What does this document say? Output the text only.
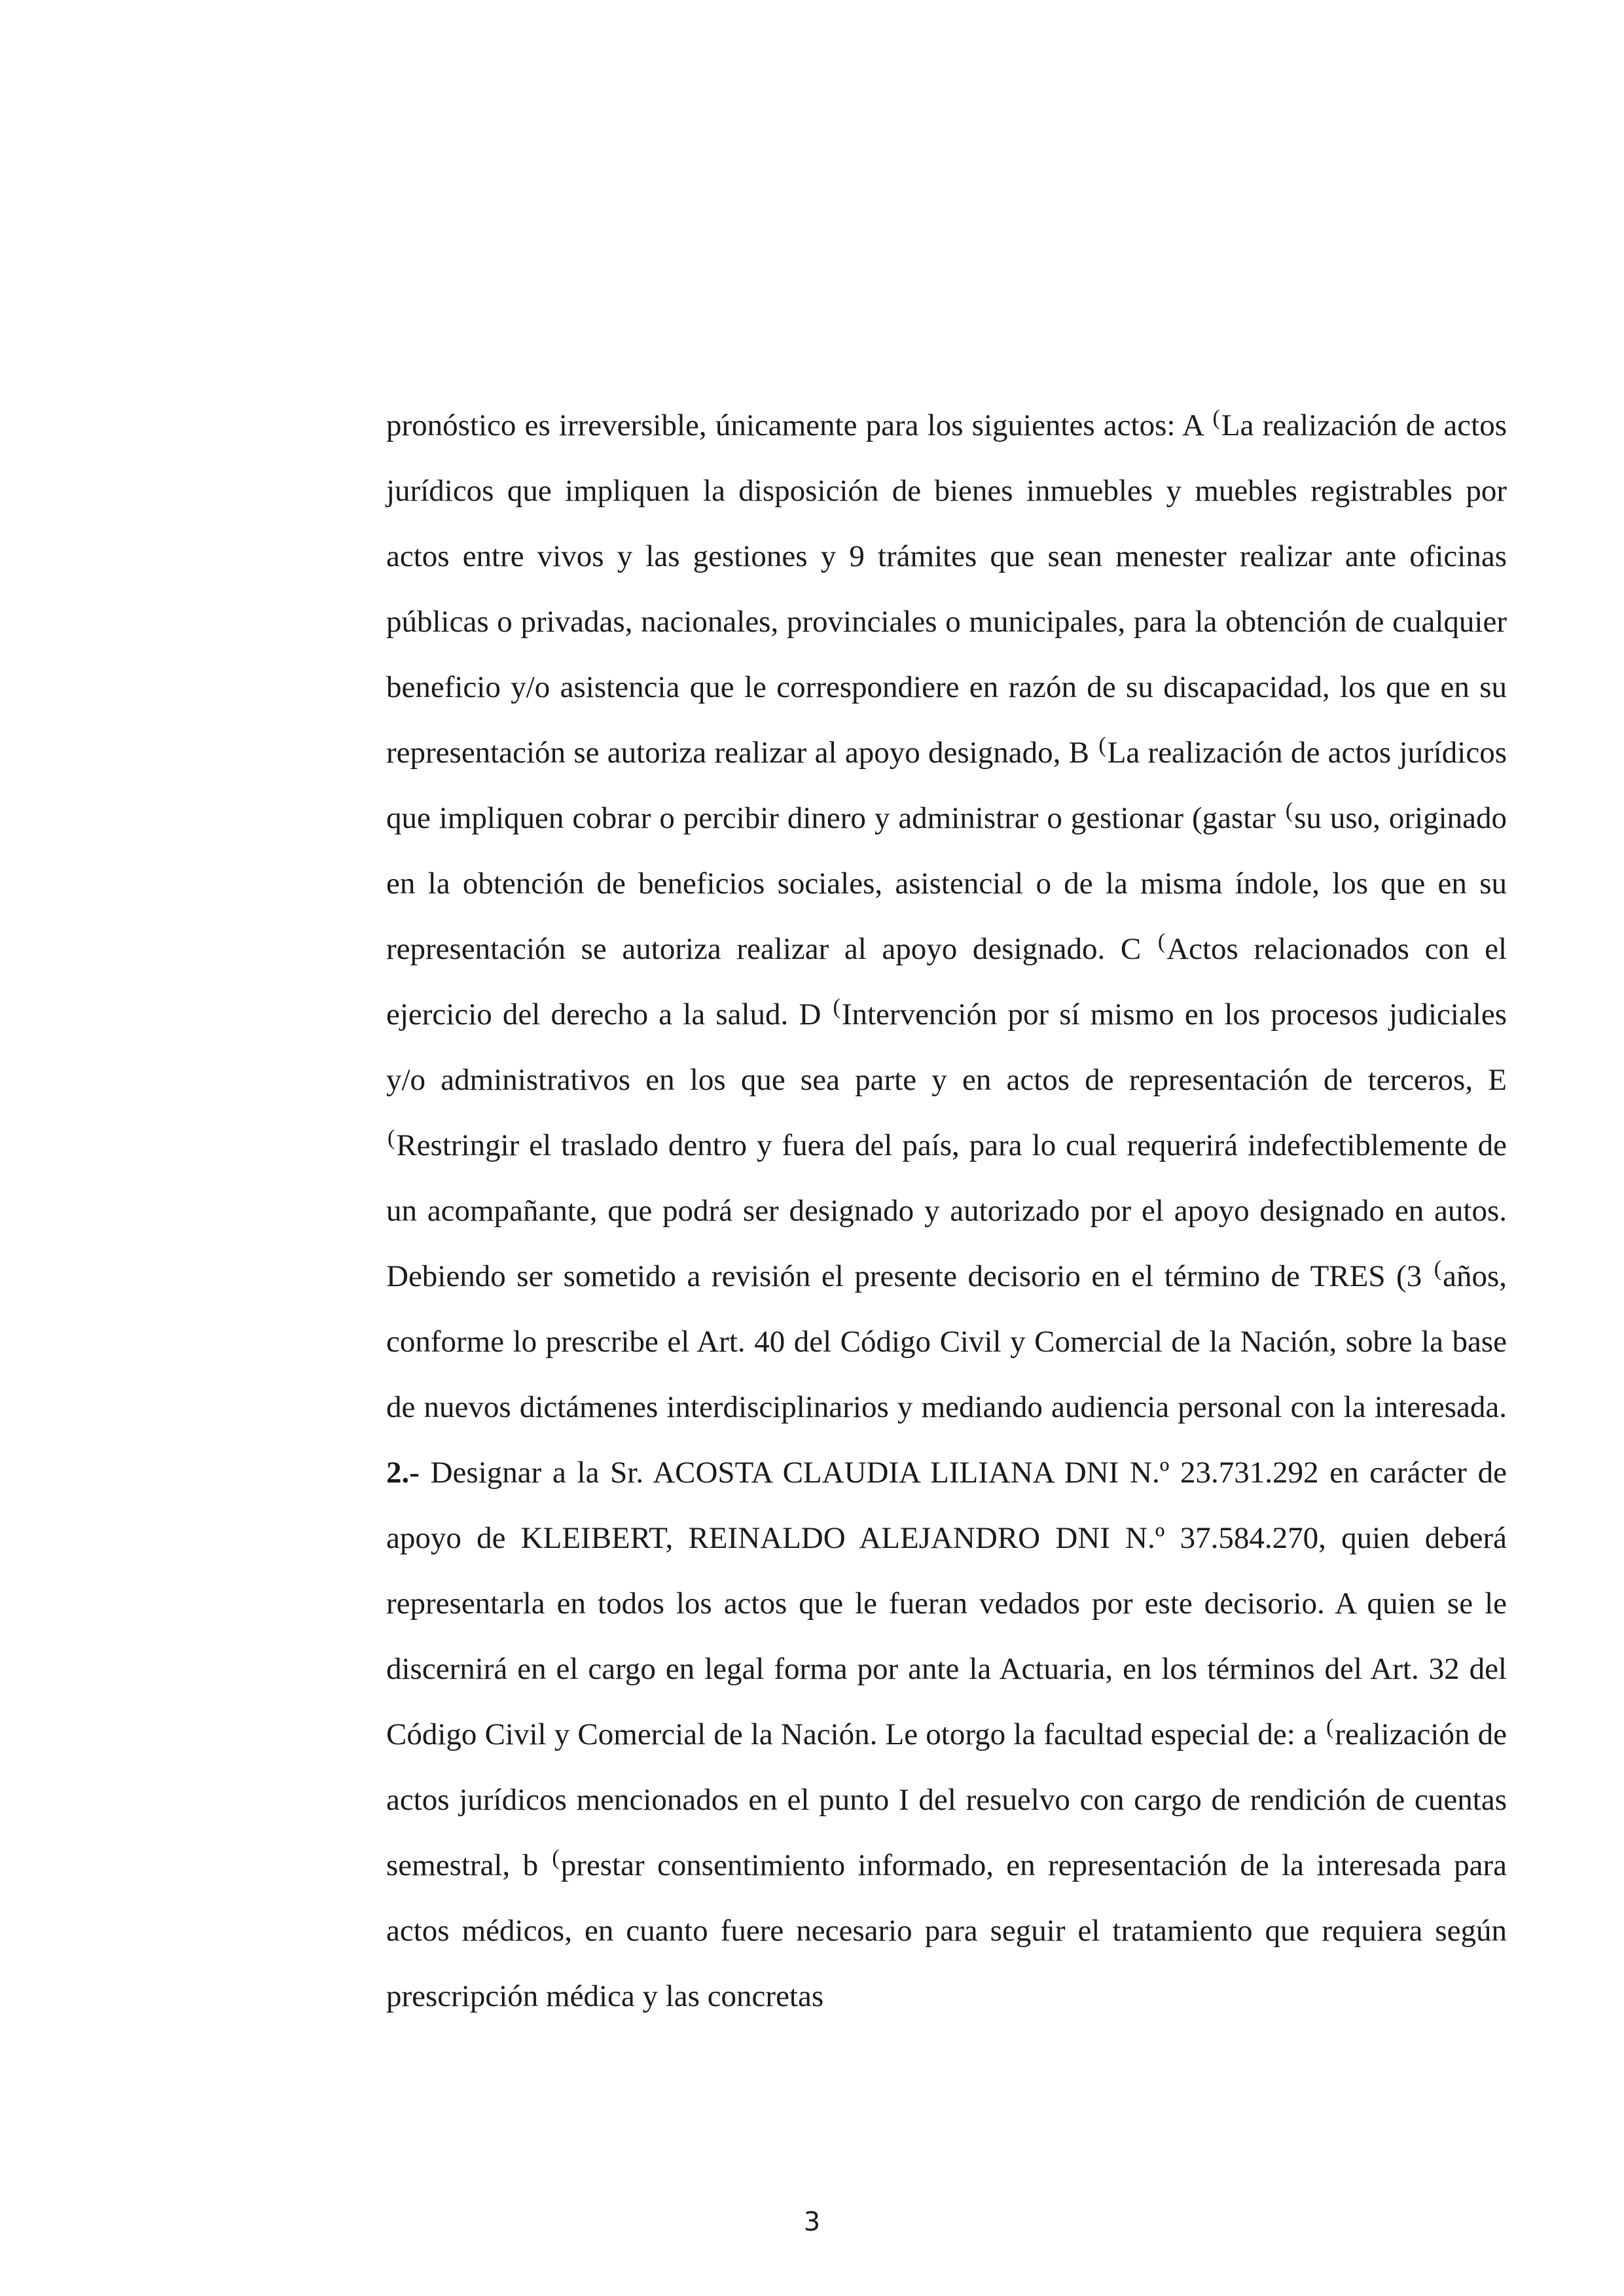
pronóstico es irreversible, únicamente para los siguientes actos: A (La realización de actos jurídicos que impliquen la disposición de bienes inmuebles y muebles registrables por actos entre vivos y las gestiones y 9 trámites que sean menester realizar ante oficinas públicas o privadas, nacionales, provinciales o municipales, para la obtención de cualquier beneficio y/o asistencia que le correspondiere en razón de su discapacidad, los que en su representación se autoriza realizar al apoyo designado, B (La realización de actos jurídicos que impliquen cobrar o percibir dinero y administrar o gestionar (gastar (su uso, originado en la obtención de beneficios sociales, asistencial o de la misma índole, los que en su representación se autoriza realizar al apoyo designado. C (Actos relacionados con el ejercicio del derecho a la salud. D (Intervención por sí mismo en los procesos judiciales y/o administrativos en los que sea parte y en actos de representación de terceros, E (Restringir el traslado dentro y fuera del país, para lo cual requerirá indefectiblemente de un acompañante, que podrá ser designado y autorizado por el apoyo designado en autos. Debiendo ser sometido a revisión el presente decisorio en el término de TRES (3 (años, conforme lo prescribe el Art. 40 del Código Civil y Comercial de la Nación, sobre la base de nuevos dictámenes interdisciplinarios y mediando audiencia personal con la interesada. 2.- Designar a la Sr. ACOSTA CLAUDIA LILIANA DNI N.º 23.731.292 en carácter de apoyo de KLEIBERT, REINALDO ALEJANDRO DNI N.º 37.584.270, quien deberá representarla en todos los actos que le fueran vedados por este decisorio. A quien se le discernirá en el cargo en legal forma por ante la Actuaria, en los términos del Art. 32 del Código Civil y Comercial de la Nación. Le otorgo la facultad especial de: a (realización de actos jurídicos mencionados en el punto I del resuelvo con cargo de rendición de cuentas semestral, b (prestar consentimiento informado, en representación de la interesada para actos médicos, en cuanto fuere necesario para seguir el tratamiento que requiera según prescripción médica y las concretas

3
